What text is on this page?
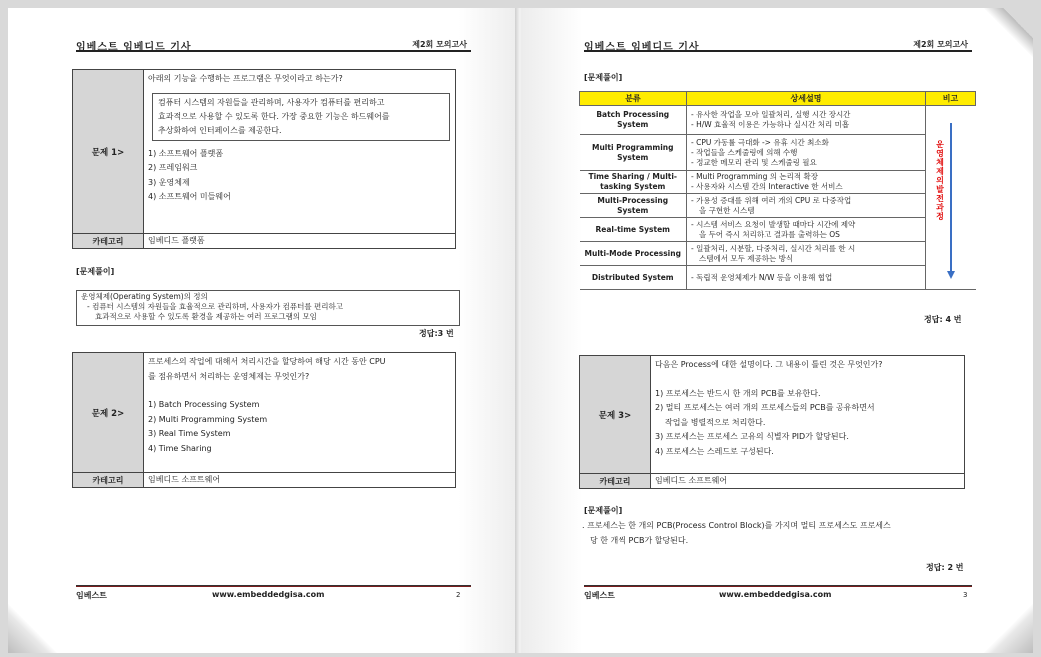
임베스트 임베디드 기사	제2회 모의고사
문제 1>
아래의 기능을 수행하는 프로그램은 무엇이라고 하는가?
컴퓨터 시스템의 자원들을 관리하며, 사용자가 컴퓨터를 편리하고
효과적으로 사용할 수 있도록 한다. 가장 중요한 기능은 하드웨어를
추상화하여 인터페이스를 제공한다.
1) 소프트웨어 플랫폼
2) 프레임워크
3) 운영체제
4) 소프트웨어 미들웨어
카테고리	임베디드 플랫폼
[문제풀이]
운영체제(Operating System)의 정의
- 컴퓨터 시스템의 자원들을 효율적으로 관리하며, 사용자가 컴퓨터를 편리하고
효과적으로 사용할 수 있도록 환경을 제공하는 여러 프로그램의 모임
정답:3 번
문제 2>
프로세스의 작업에 대해서 처리시간을 할당하여 해당 시간 동안 CPU
를 점유하면서 처리하는 운영체제는 무엇인가?
1) Batch Processing System
2) Multi Programming System
3) Real Time System
4) Time Sharing
카테고리	임베디드 소프트웨어
임베스트	www.embeddedgisa.com	2
임베스트 임베디드 기사	제2회 모의고사
[문제풀이]
분류	상세설명	비고
Batch Processing System	- 유사한 작업을 모아 일괄처리, 실행 시간 장시간
- H/W 효율적 이용은 가능하나 실시간 처리 미흡	

Multi Programming System	- CPU 가동률 극대화 -> 유휴 시간 최소화
- 작업들을 스케줄링에 의해 수행
- 정교한 메모리 관리 및 스케줄링 필요	

Time Sharing / Multi-tasking System	- Multi Programming 의 논리적 확장
- 사용자와 시스템 간의 Interactive 한 서비스	

Multi-Processing System	- 가용성 증대를 위해 여러 개의 CPU 로 다중작업
을 구현한 시스템	

Real-time System	- 시스템 서비스 요청이 발생할 때마다 시간에 제약
을 두어 즉시 처리하고 결과를 출력하는 OS	

Multi-Mode Processing	- 일괄처리, 시분할, 다중처리, 실시간 처리를 한 시
스템에서 모두 제공하는 방식	

Distributed System	- 독립적 운영체제가 N/W 등을 이용해 협업	
운영체제의 발전 과정
정답: 4 번
문제 3>
다음은 Process에 대한 설명이다. 그 내용이 틀린 것은 무엇인가?
1) 프로세스는 반드시 한 개의 PCB를 보유한다.
2) 멀티 프로세스는 여러 개의 프로세스들의 PCB를 공유하면서
작업을 병렬적으로 처리한다.
3) 프로세스는 프로세스 고유의 식별자 PID가 할당된다.
4) 프로세스는 스레드로 구성된다.
카테고리	임베디드 소프트웨어
[문제풀이]
. 프로세스는 한 개의 PCB(Process Control Block)를 가지며 멀티 프로세스도 프로세스
당 한 개씩 PCB가 할당된다.
정답: 2 번
임베스트	www.embeddedgisa.com	3
